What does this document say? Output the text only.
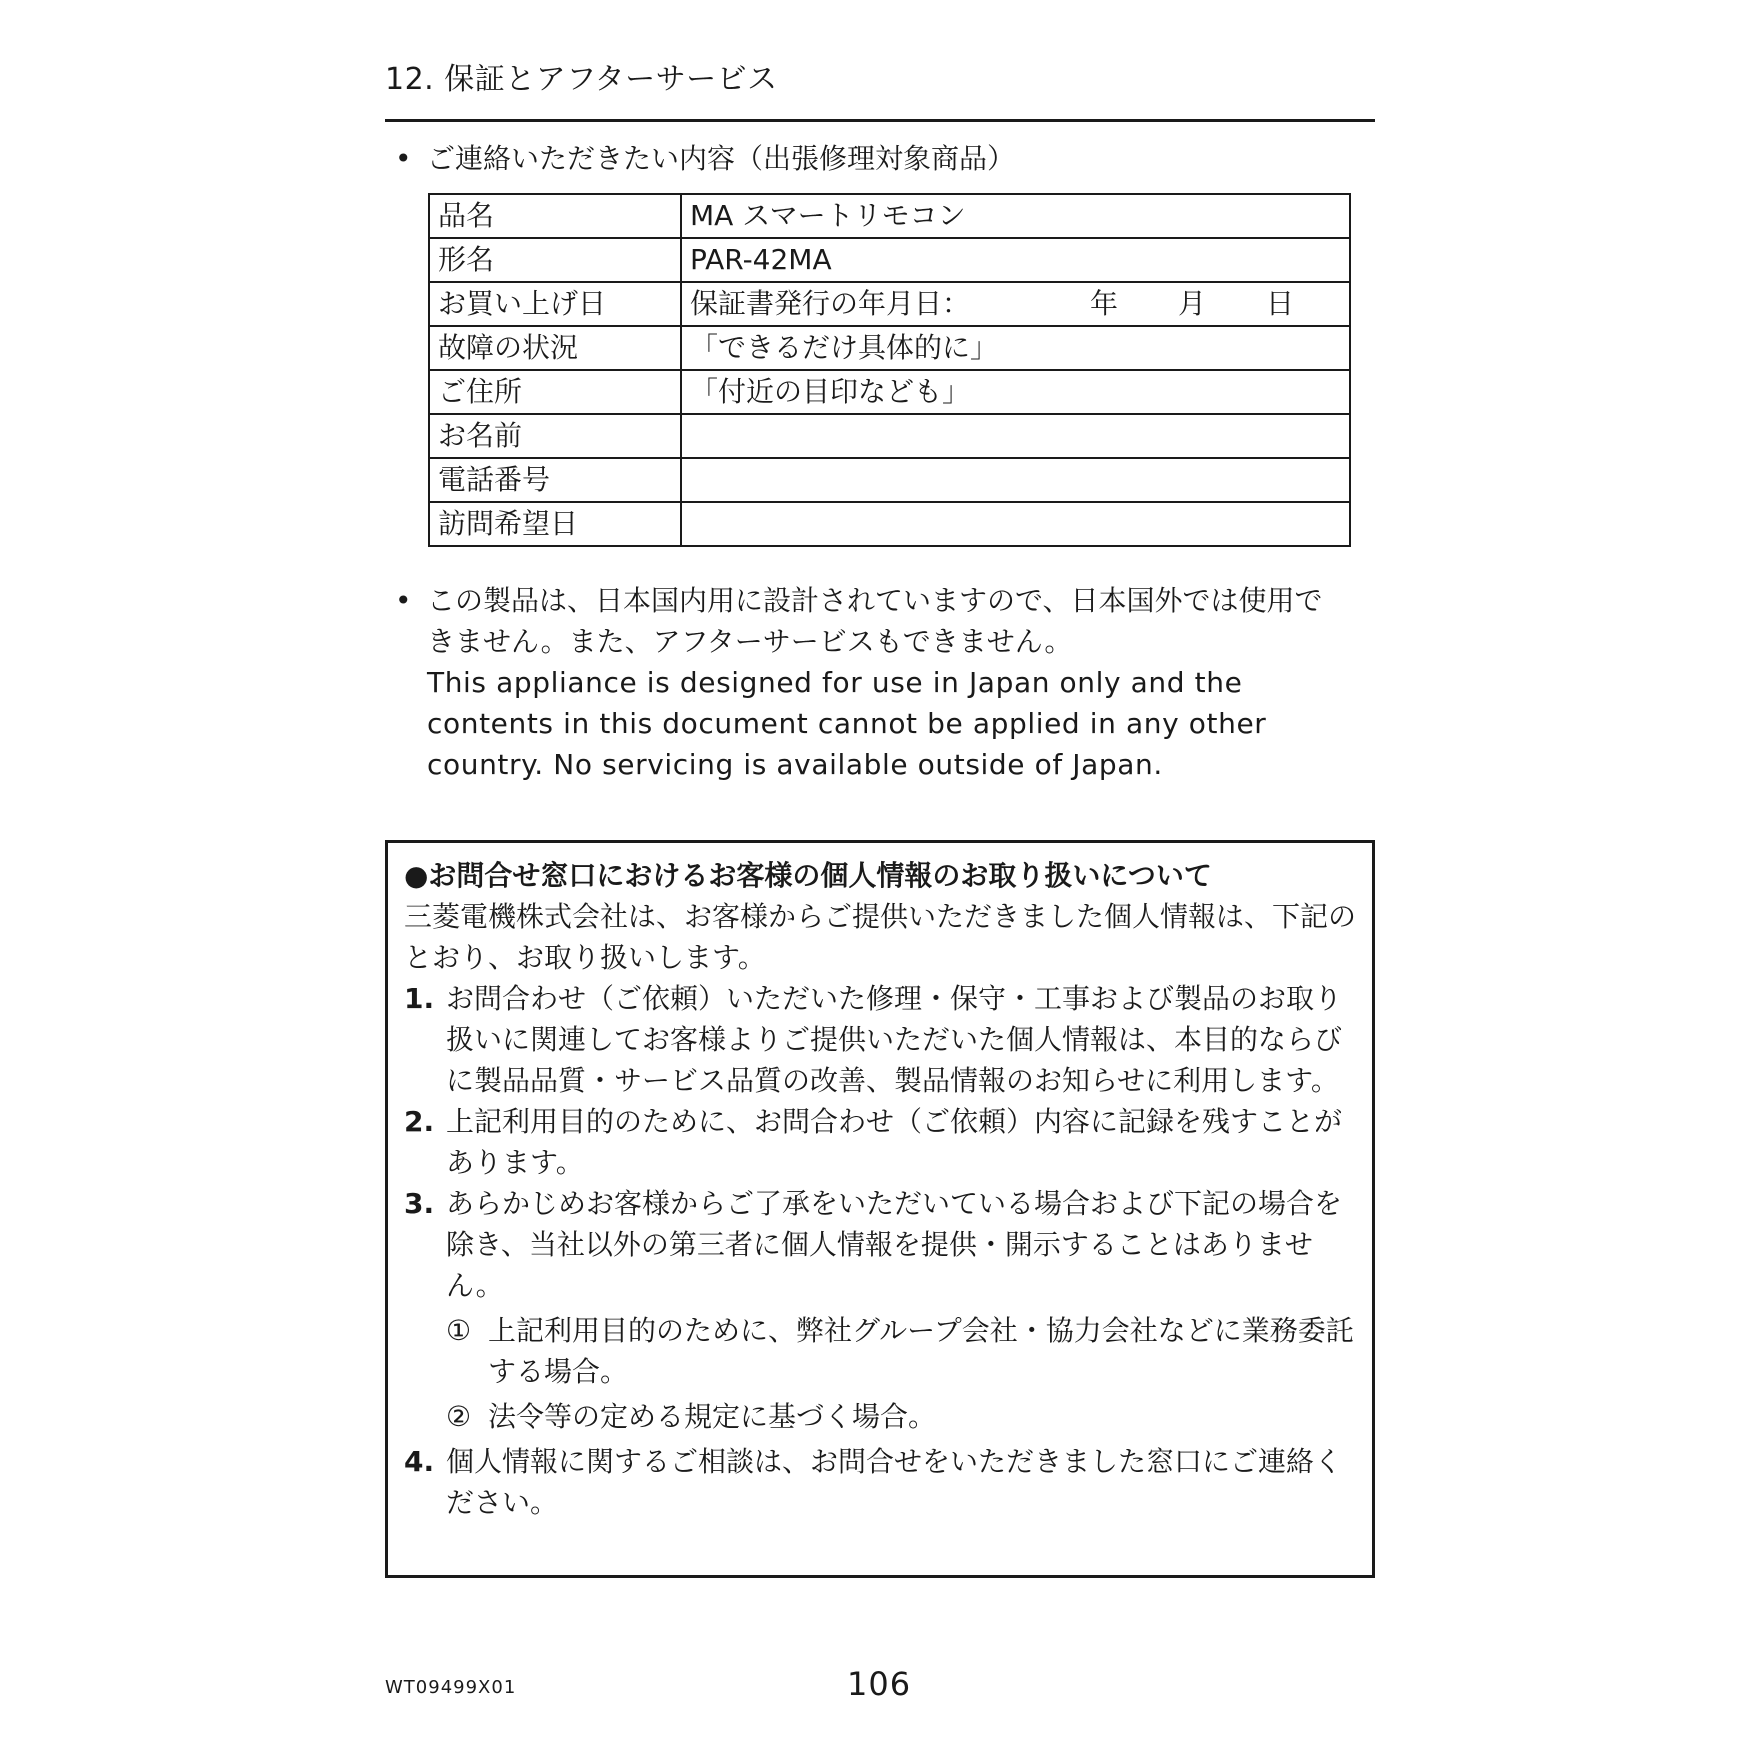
12. 保証とアフターサービス
• ご連絡いただきたい内容（出張修理対象商品）
品名	MA スマートリモコン
形名	PAR-42MA
お買い上げ日	保証書発行の年月日： 年 月 日
故障の状況	「できるだけ具体的に」
ご住所	「付近の目印なども」
お名前	
電話番号	
訪問希望日	
• この製品は、日本国内用に設計されていますので、日本国外では使用で

きません。また、アフターサービスもできません。

This appliance is designed for use in Japan only and the

contents in this document cannot be applied in any other

country. No servicing is available outside of Japan.

●お問合せ窓口におけるお客様の個人情報のお取り扱いについて

三菱電機株式会社は、お客様からご提供いただきました個人情報は、下記のとおり、お取り扱いします。

1. お問合わせ（ご依頼）いただいた修理・保守・工事および製品のお取り扱いに関連してお客様よりご提供いただいた個人情報は、本目的ならびに製品品質・サービス品質の改善、製品情報のお知らせに利用します。
2. 上記利用目的のために、お問合わせ（ご依頼）内容に記録を残すことがあります。
3. あらかじめお客様からご了承をいただいている場合および下記の場合を除き、当社以外の第三者に個人情報を提供・開示することはありません。
① 上記利用目的のために、弊社グループ会社・協力会社などに業務委託する場合。
② 法令等の定める規定に基づく場合。
4. 個人情報に関するご相談は、お問合せをいただきました窓口にご連絡ください。
WT09499X01	106
